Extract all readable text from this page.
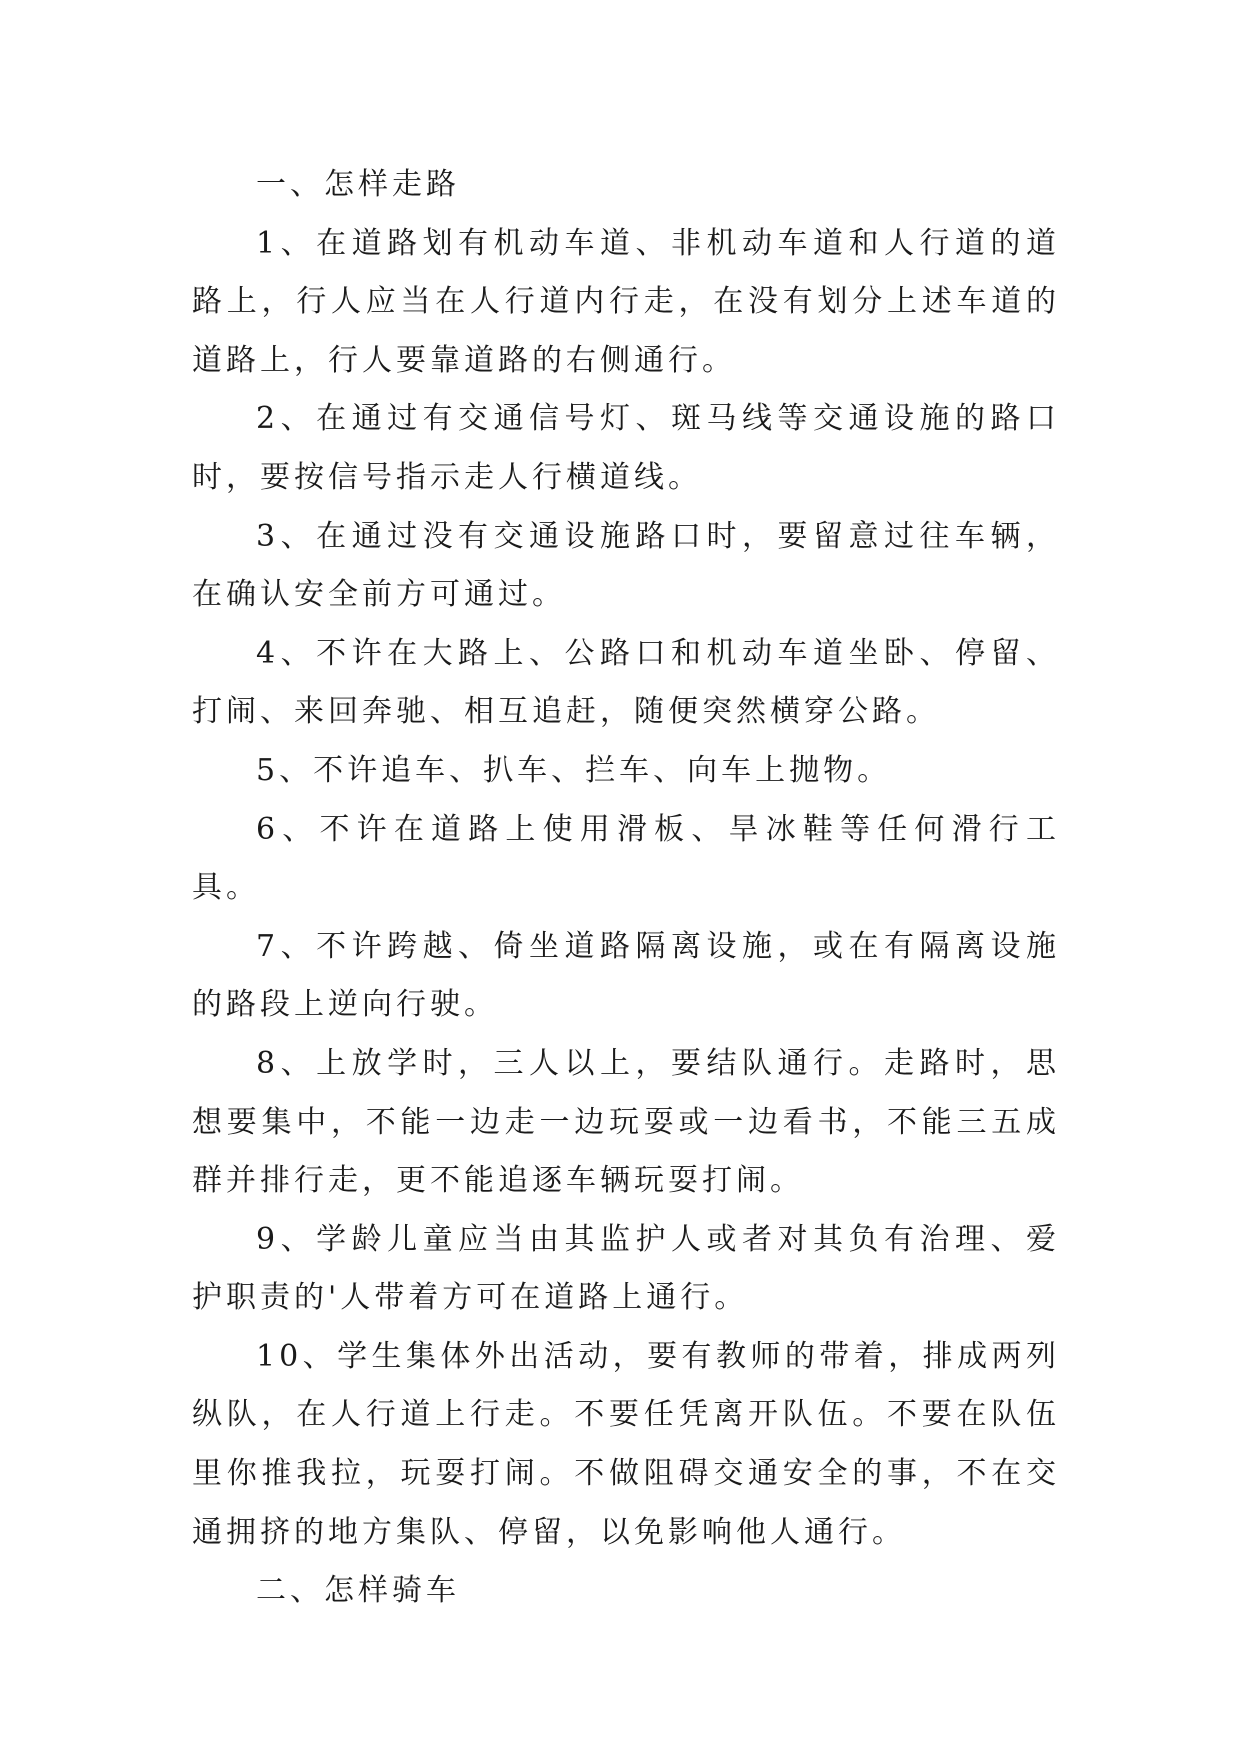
一、怎样走路

1、在道路划有机动车道、非机动车道和人行道的道路上，行人应当在人行道内行走，在没有划分上述车道的道路上，行人要靠道路的右侧通行。

2、在通过有交通信号灯、斑马线等交通设施的路口时，要按信号指示走人行横道线。

3、在通过没有交通设施路口时，要留意过往车辆，在确认安全前方可通过。

4、不许在大路上、公路口和机动车道坐卧、停留、打闹、来回奔驰、相互追赶，随便突然横穿公路。

5、不许追车、扒车、拦车、向车上抛物。

6、不许在道路上使用滑板、旱冰鞋等任何滑行工具。

7、不许跨越、倚坐道路隔离设施，或在有隔离设施的路段上逆向行驶。

8、上放学时，三人以上，要结队通行。走路时，思想要集中，不能一边走一边玩耍或一边看书，不能三五成群并排行走，更不能追逐车辆玩耍打闹。

9、学龄儿童应当由其监护人或者对其负有治理、爱护职责的'人带着方可在道路上通行。

10、学生集体外出活动，要有教师的带着，排成两列纵队，在人行道上行走。不要任凭离开队伍。不要在队伍里你推我拉，玩耍打闹。不做阻碍交通安全的事，不在交通拥挤的地方集队、停留，以免影响他人通行。

二、怎样骑车
